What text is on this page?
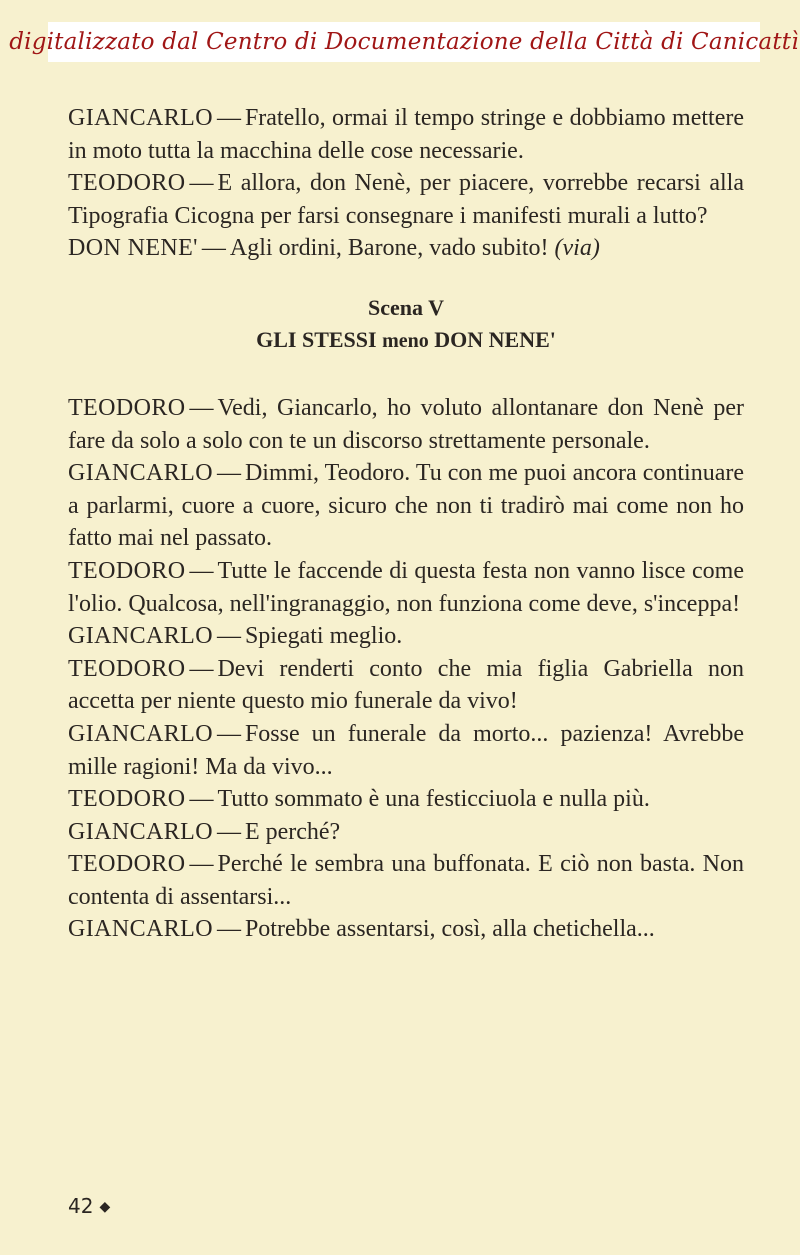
digitalizzato dal Centro di Documentazione della Città di Canicattì

GIANCARLO — Fratello, ormai il tempo stringe e dobbiamo mettere in moto tutta la macchina delle cose necessarie.

TEODORO — E allora, don Nenè, per piacere, vorrebbe recarsi alla Tipografia Cicogna per farsi consegnare i manifesti murali a lutto?

DON NENE' — Agli ordini, Barone, vado subito! (via)

Scena V
GLI STESSI meno DON NENE'

TEODORO — Vedi, Giancarlo, ho voluto allontanare don Nenè per fare da solo a solo con te un discorso strettamente personale.

GIANCARLO — Dimmi, Teodoro. Tu con me puoi ancora continuare a parlarmi, cuore a cuore, sicuro che non ti tradirò mai come non ho fatto mai nel passato.

TEODORO — Tutte le faccende di questa festa non vanno lisce come l'olio. Qualcosa, nell'ingranaggio, non funziona come deve, s'inceppa!

GIANCARLO — Spiegati meglio.

TEODORO — Devi renderti conto che mia figlia Gabriella non accetta per niente questo mio funerale da vivo!

GIANCARLO — Fosse un funerale da morto... pazienza! Avrebbe mille ragioni! Ma da vivo...

TEODORO — Tutto sommato è una festicciuola e nulla più.

GIANCARLO — E perché?

TEODORO — Perché le sembra una buffonata. E ciò non basta. Non contenta di assentarsi...

GIANCARLO — Potrebbe assentarsi, così, alla chetichella...

42 ◆
